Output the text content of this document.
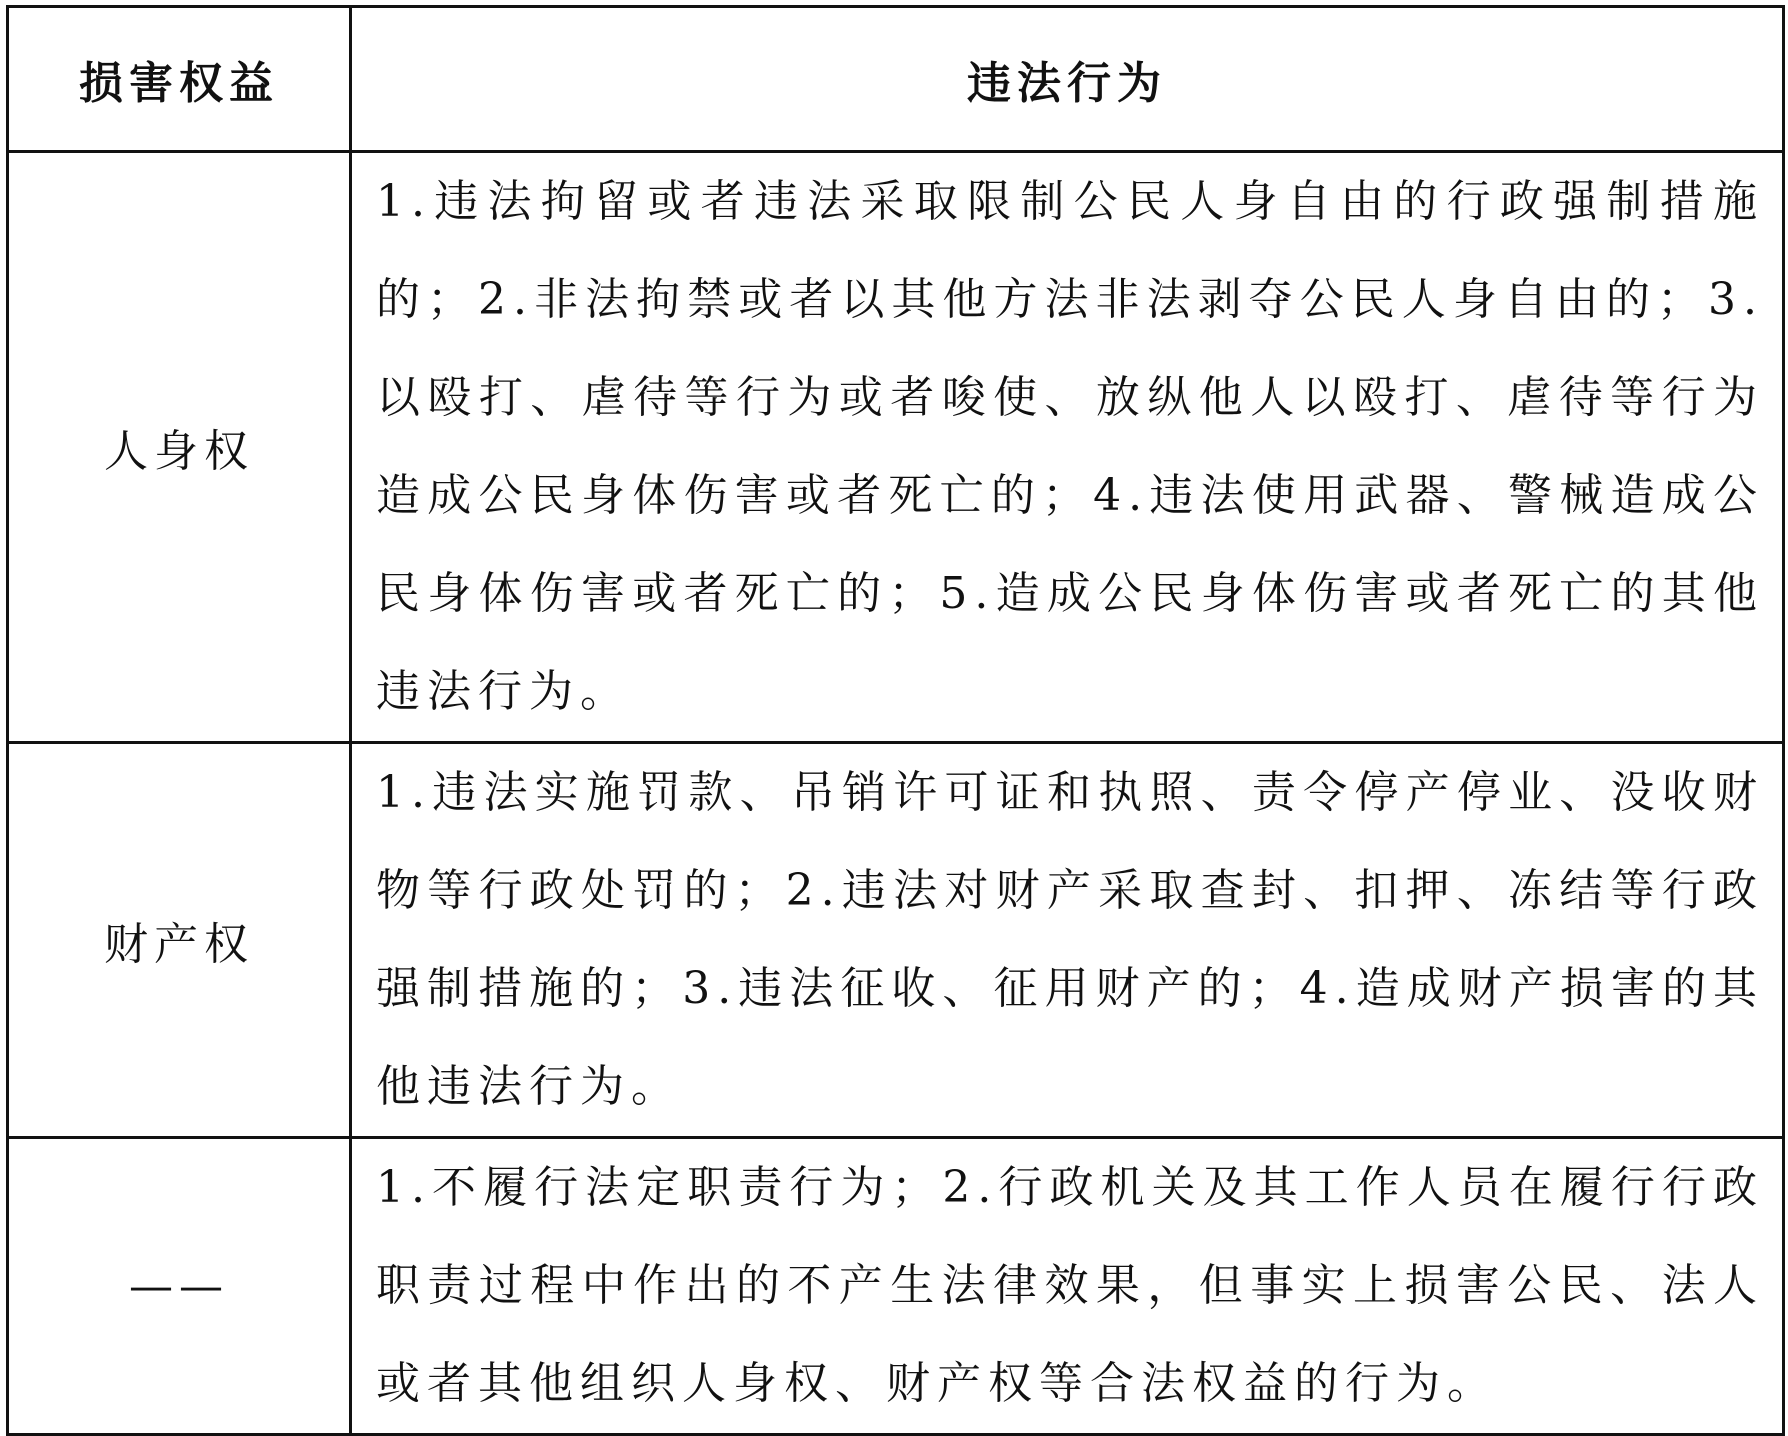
损害权益	违法行为
人身权	1.违法拘留或者违法采取限制公民人身自由的行政强制措施的；2.非法拘禁或者以其他方法非法剥夺公民人身自由的；3.以殴打、虐待等行为或者唆使、放纵他人以殴打、虐待等行为造成公民身体伤害或者死亡的；4.违法使用武器、警械造成公民身体伤害或者死亡的；5.造成公民身体伤害或者死亡的其他违法行为。
财产权	1.违法实施罚款、吊销许可证和执照、责令停产停业、没收财物等行政处罚的；2.违法对财产采取查封、扣押、冻结等行政强制措施的；3.违法征收、征用财产的；4.造成财产损害的其他违法行为。
——	1.不履行法定职责行为；2.行政机关及其工作人员在履行行政职责过程中作出的不产生法律效果，但事实上损害公民、法人或者其他组织人身权、财产权等合法权益的行为。
